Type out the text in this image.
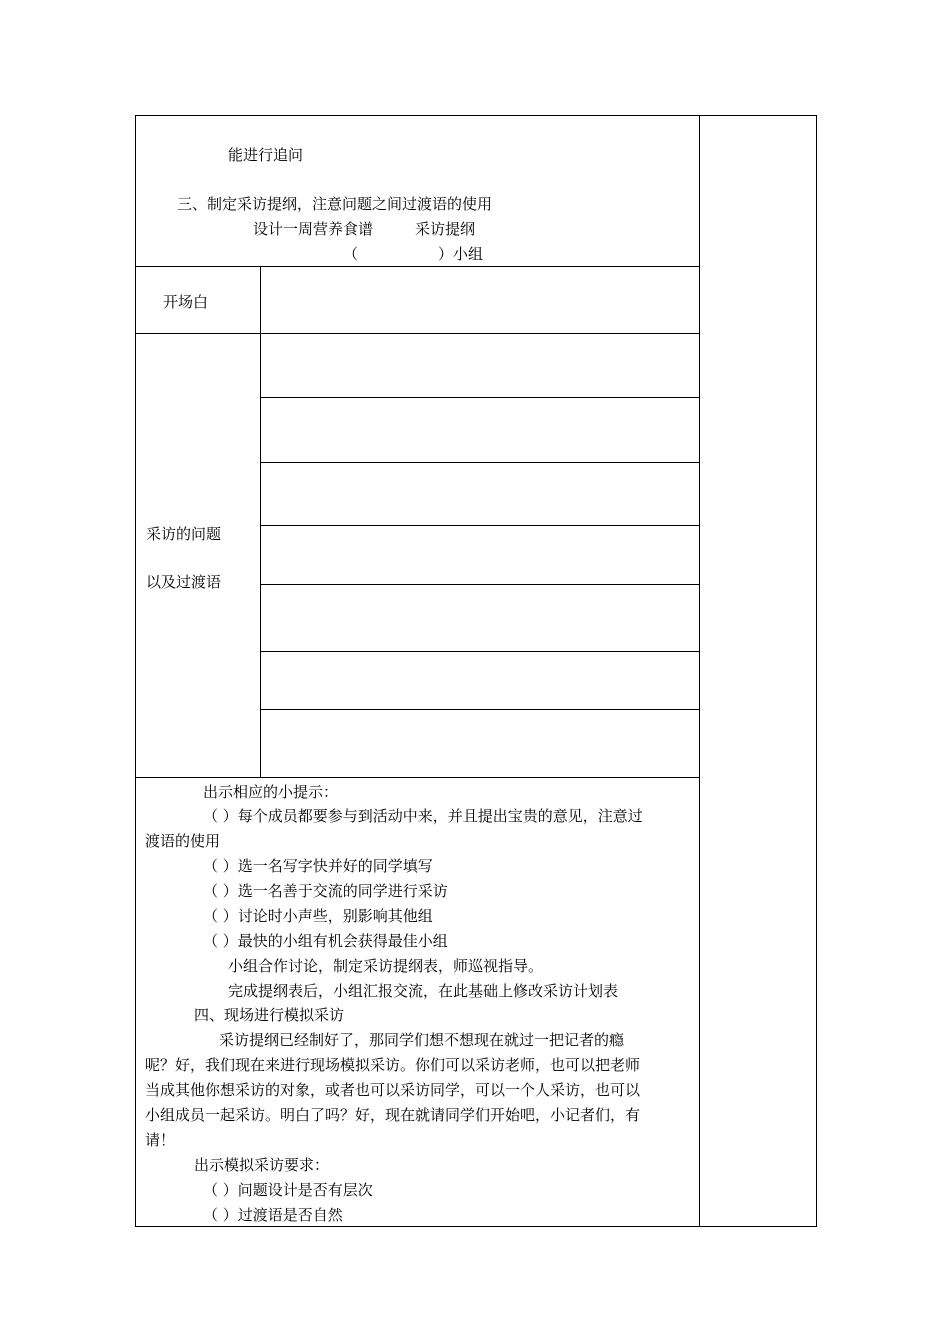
能进行追问
三、制定采访提纲，注意问题之间过渡语的使用
设计一周营养食谱	采访提纲
（	）小组
开场白
采访的问题
以及过渡语
出示相应的小提示：
（ ）每个成员都要参与到活动中来，并且提出宝贵的意见，注意过
渡语的使用
（ ）选一名写字快并好的同学填写
（ ）选一名善于交流的同学进行采访
（ ）讨论时小声些，别影响其他组
（ ）最快的小组有机会获得最佳小组
小组合作讨论，制定采访提纲表，师巡视指导。
完成提纲表后，小组汇报交流，在此基础上修改采访计划表
四、现场进行模拟采访
采访提纲已经制好了，那同学们想不想现在就过一把记者的瘾
呢？好，我们现在来进行现场模拟采访。你们可以采访老师，也可以把老师
当成其他你想采访的对象，或者也可以采访同学，可以一个人采访，也可以
小组成员一起采访。明白了吗？好，现在就请同学们开始吧，小记者们，有
请！
出示模拟采访要求：
（ ）问题设计是否有层次
（ ）过渡语是否自然
